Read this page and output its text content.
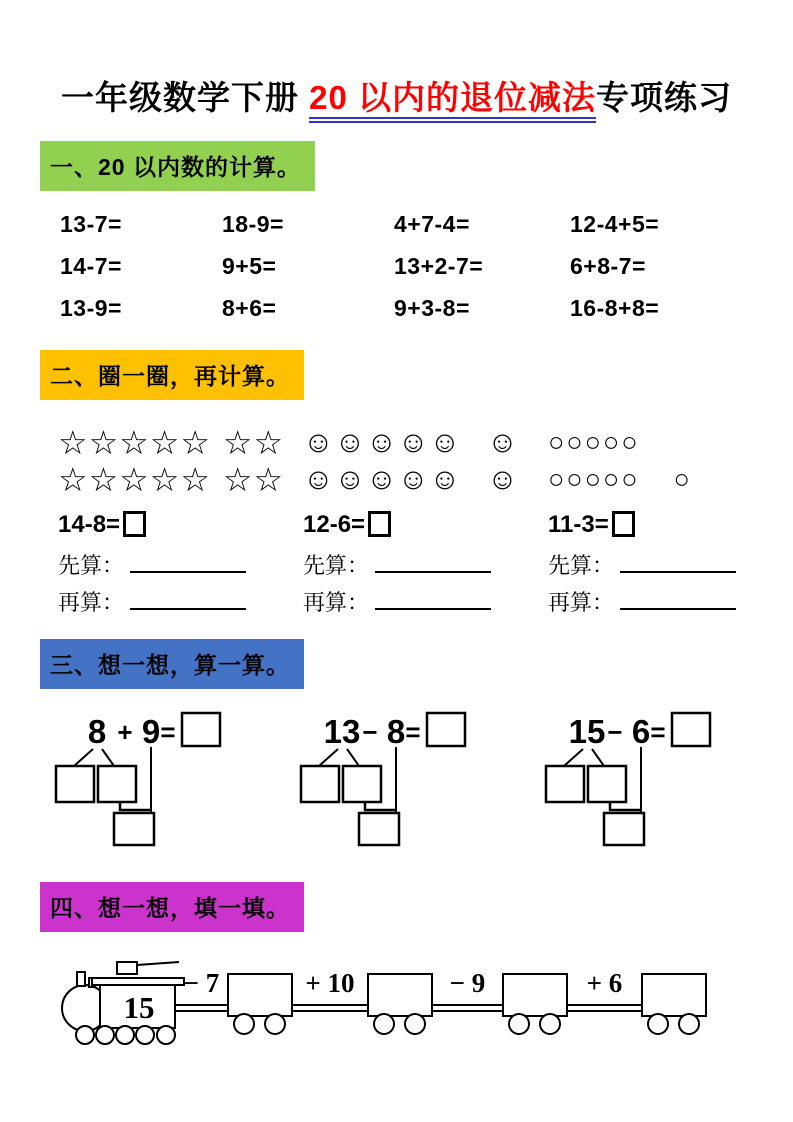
一年级数学下册 20 以内的退位减法专项练习
一、20 以内数的计算。
13-7=	18-9=	4+7-4=	12-4+5=
14-7=	9+5=	13+2-7=	6+8-7=
13-9=	8+6=	9+3-8=	16-8+8=
二、圈一圈，再计算。
☆☆☆☆☆ ☆☆
☆☆☆☆☆ ☆☆
14-8=
先算：
再算：
☺☺☺☺☺ ☺
☺☺☺☺☺ ☺
12-6=
先算：
再算：
○○○○○
○○○○○ ○
11-3=
先算：
再算：
三、想一想，算一算。
8 + 9 =	13 − 8 =	15 − 6 =
四、想一想，填一填。
15
− 7	+ 10	− 9	+ 6
